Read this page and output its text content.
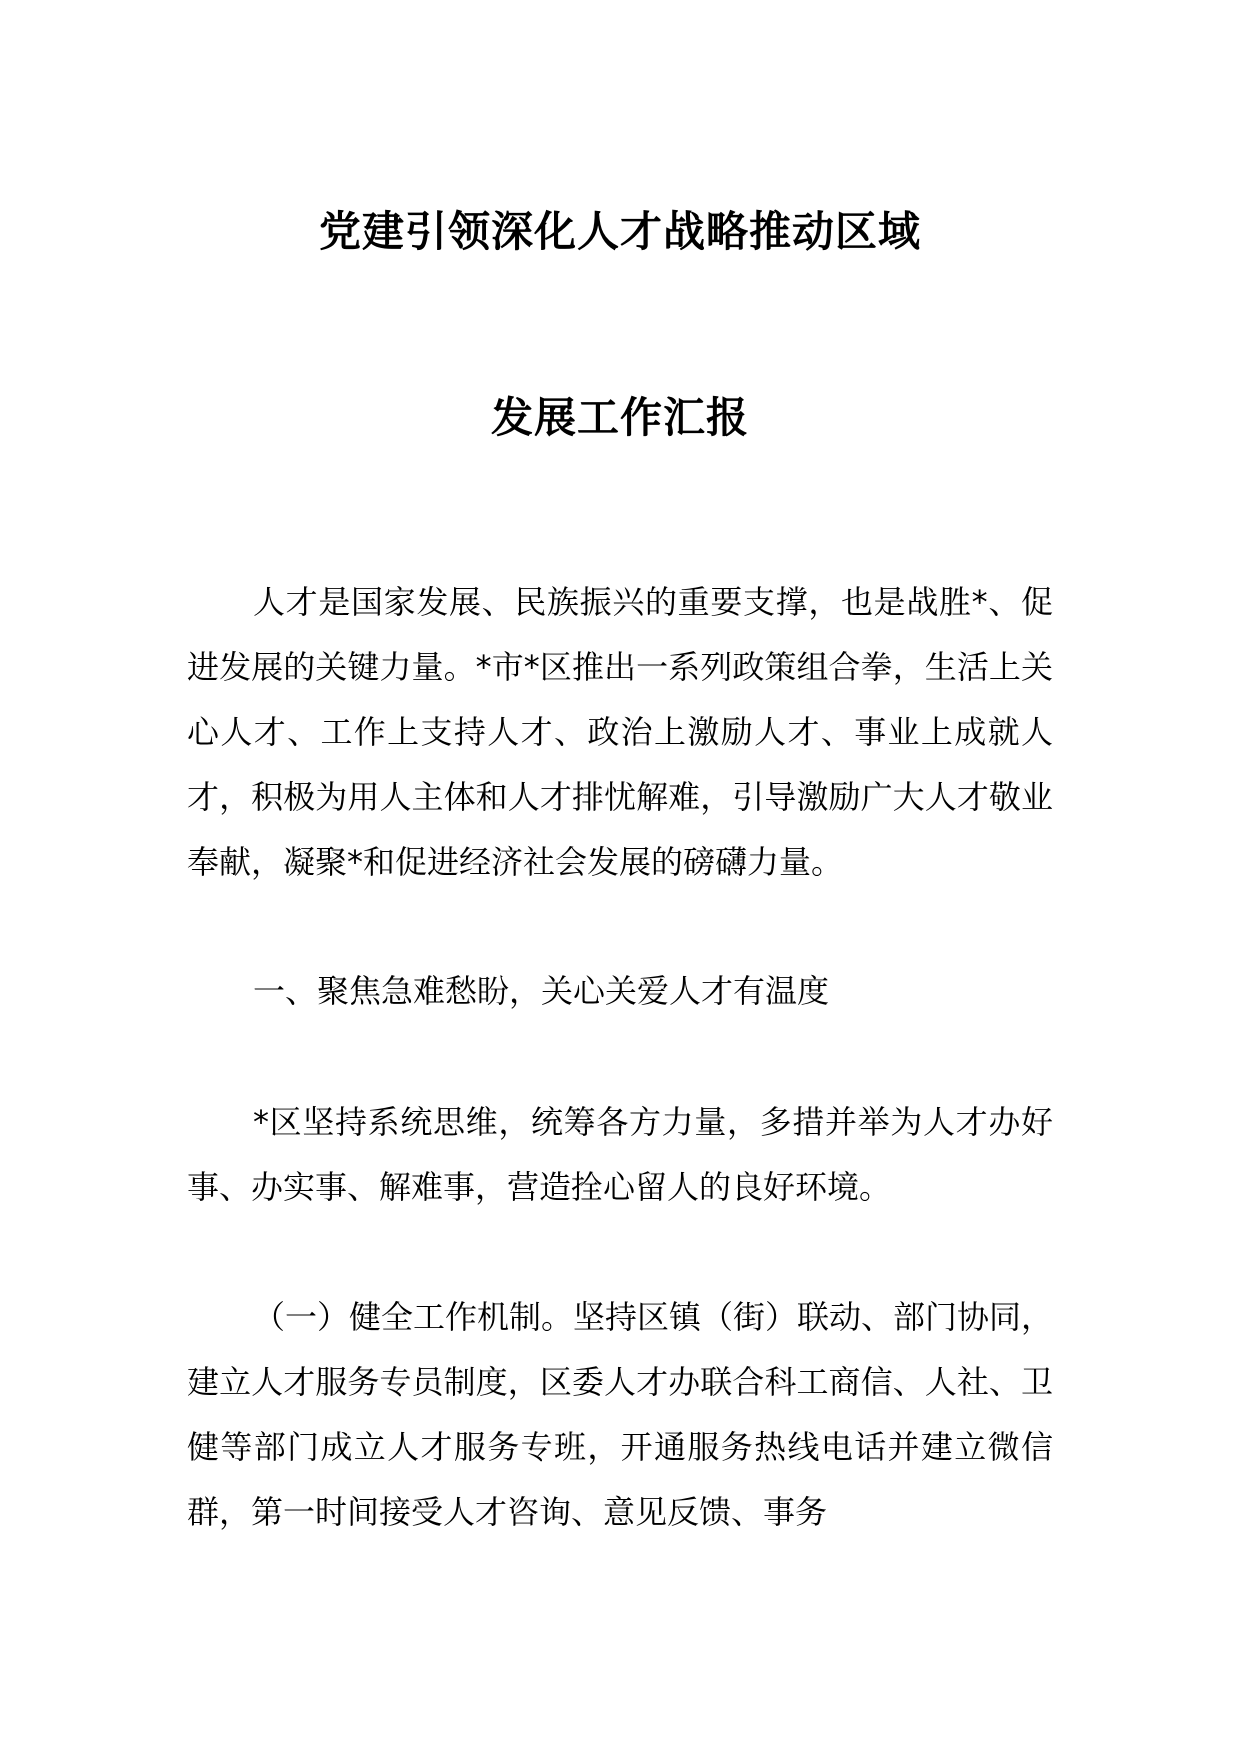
党建引领深化人才战略推动区域
发展工作汇报
人才是国家发展、民族振兴的重要支撑，也是战胜*、促进发展的关键力量。*市*区推出一系列政策组合拳，生活上关心人才、工作上支持人才、政治上激励人才、事业上成就人才，积极为用人主体和人才排忧解难，引导激励广大人才敬业奉献，凝聚*和促进经济社会发展的磅礴力量。
一、聚焦急难愁盼，关心关爱人才有温度
*区坚持系统思维，统筹各方力量，多措并举为人才办好事、办实事、解难事，营造拴心留人的良好环境。
（一）健全工作机制。坚持区镇（街）联动、部门协同，建立人才服务专员制度，区委人才办联合科工商信、人社、卫健等部门成立人才服务专班，开通服务热线电话并建立微信群，第一时间接受人才咨询、意见反馈、事务
